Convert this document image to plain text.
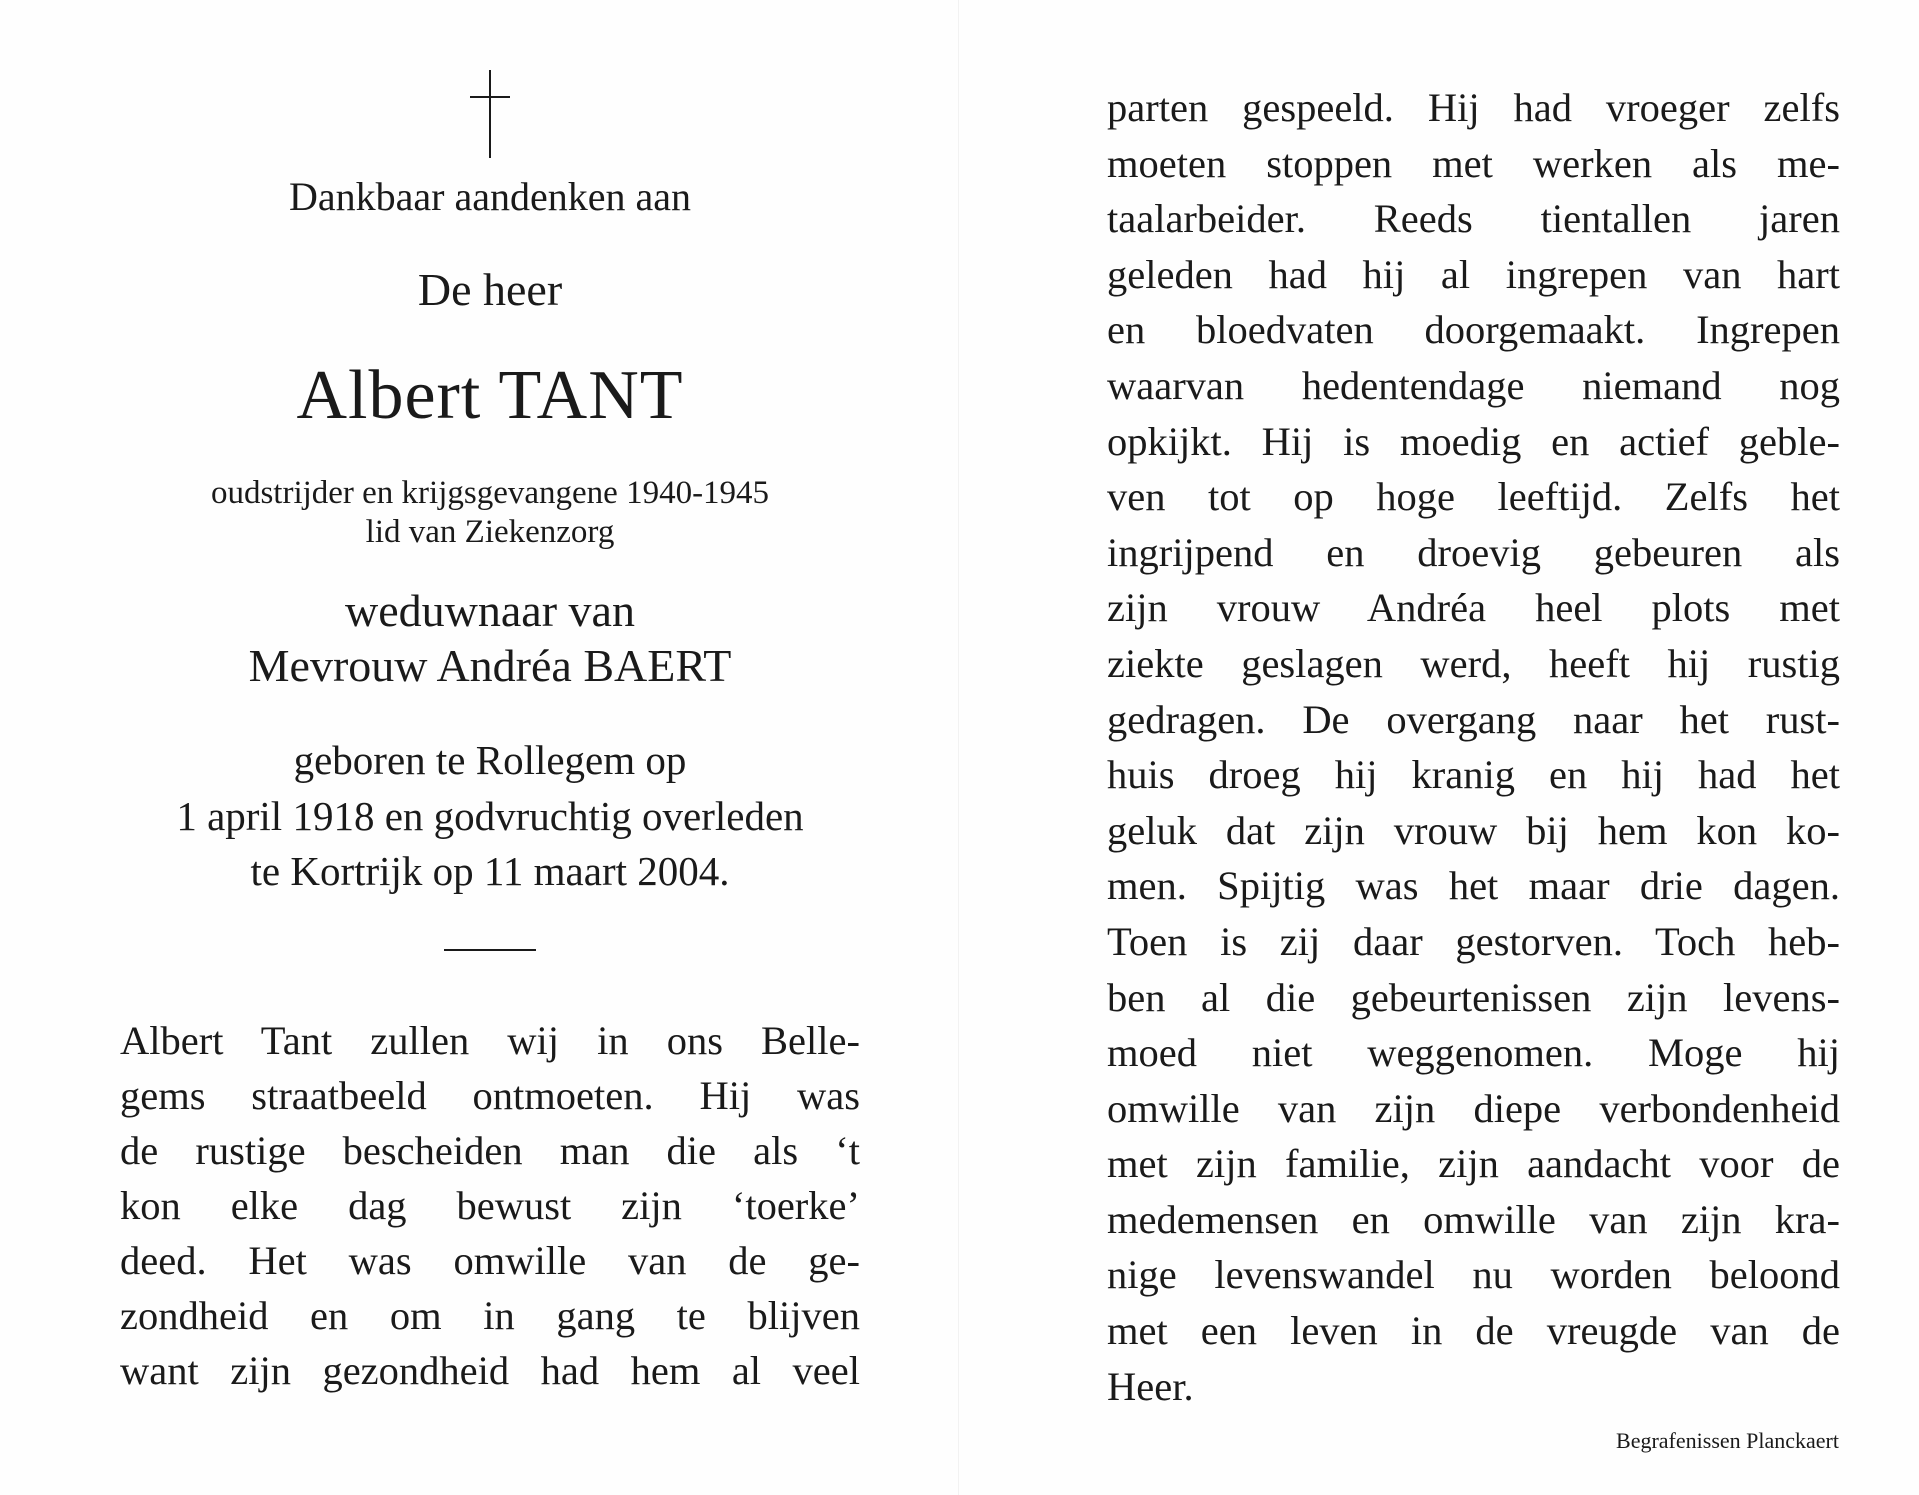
Dankbaar aandenken aan
De heer
Albert TANT
oudstrijder en krijgsgevangene 1940-1945
lid van Ziekenzorg
weduwnaar van
Mevrouw Andréa BAERT
geboren te Rollegem op
1 april 1918 en godvruchtig overleden
te Kortrijk op 11 maart 2004.
Albert Tant zullen wij in ons Belle-
gems straatbeeld ontmoeten. Hij was
de rustige bescheiden man die als ‘t
kon elke dag bewust zijn ‘toerke’
deed. Het was omwille van de ge-
zondheid en om in gang te blijven
want zijn gezondheid had hem al veel
parten gespeeld. Hij had vroeger zelfs
moeten stoppen met werken als me-
taalarbeider. Reeds tientallen jaren
geleden had hij al ingrepen van hart
en bloedvaten doorgemaakt. Ingrepen
waarvan hedentendage niemand nog
opkijkt. Hij is moedig en actief geble-
ven tot op hoge leeftijd. Zelfs het
ingrijpend en droevig gebeuren als
zijn vrouw Andréa heel plots met
ziekte geslagen werd, heeft hij rustig
gedragen. De overgang naar het rust-
huis droeg hij kranig en hij had het
geluk dat zijn vrouw bij hem kon ko-
men. Spijtig was het maar drie dagen.
Toen is zij daar gestorven. Toch heb-
ben al die gebeurtenissen zijn levens-
moed niet weggenomen. Moge hij
omwille van zijn diepe verbondenheid
met zijn familie, zijn aandacht voor de
medemensen en omwille van zijn kra-
nige levenswandel nu worden beloond
met een leven in de vreugde van de
Heer.
Begrafenissen Planckaert
